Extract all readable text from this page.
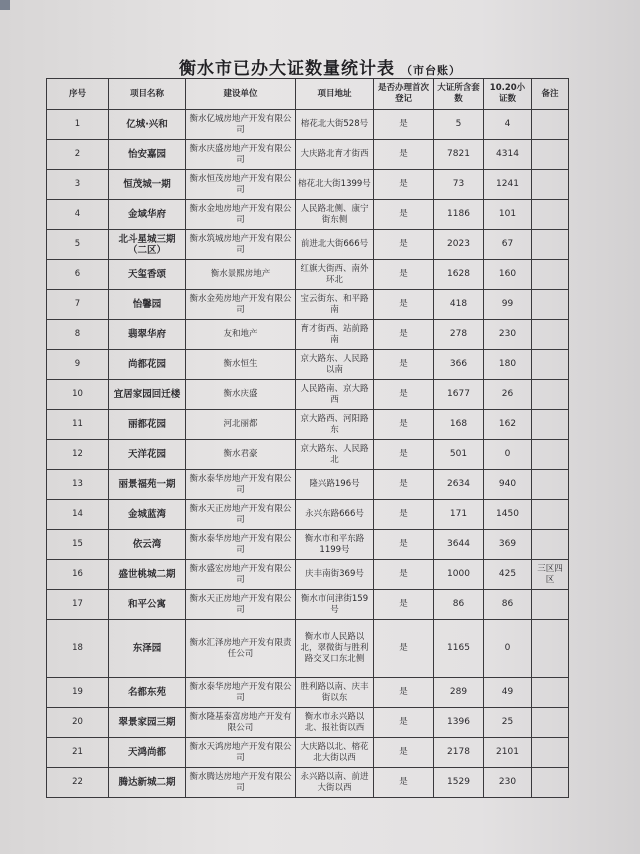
衡水市已办大证数量统计表 （市台账）
序号	项目名称	建设单位	项目地址	是否办理首次登记	大证所含套数	10.20小证数	备注
1	亿城·兴和	衡水亿城房地产开发有限公司	榕花北大街528号	是	5	4	
2	怡安嘉园	衡水庆盛房地产开发有限公司	大庆路北育才街西	是	7821	4314	
3	恒茂城一期	衡水恒茂房地产开发有限公司	榕花北大街1399号	是	73	1241	
4	金域华府	衡水金地房地产开发有限公司	人民路北侧、康宁街东侧	是	1186	101	
5	北斗星城三期（二区）	衡水筑城房地产开发有限公司	前进北大街666号	是	2023	67	
6	天玺香颂	衡水景熙房地产	红旗大街西、南外环北	是	1628	160	
7	怡馨园	衡水金苑房地产开发有限公司	宝云街东、和平路南	是	418	99	
8	翡翠华府	友和地产	育才街西、站前路南	是	278	230	
9	尚都花园	衡水恒生	京大路东、人民路以南	是	366	180	
10	宜居家园回迁楼	衡水庆盛	人民路南、京大路西	是	1677	26	
11	丽都花园	河北丽都	京大路西、河阳路东	是	168	162	
12	天洋花园	衡水君豪	京大路东、人民路北	是	501	0	
13	丽景福苑一期	衡水泰华房地产开发有限公司	隆兴路196号	是	2634	940	
14	金城蓝湾	衡水天正房地产开发有限公司	永兴东路666号	是	171	1450	
15	依云湾	衡水泰华房地产开发有限公司	衡水市和平东路1199号	是	3644	369	
16	盛世桃城二期	衡水盛宏房地产开发有限公司	庆丰南街369号	是	1000	425	三区四区
17	和平公寓	衡水天正房地产开发有限公司	衡水市问津街159号	是	86	86	
18	东泽园	衡水汇泽房地产开发有限责任公司	衡水市人民路以北，翠微街与胜利路交叉口东北侧	是	1165	0	
19	名都东苑	衡水泰华房地产开发有限公司	胜利路以南、庆丰街以东	是	289	49	
20	翠景家园三期	衡水隆基泰富房地产开发有限公司	衡水市永兴路以北、报社街以西	是	1396	25	
21	天鸿尚都	衡水天鸿房地产开发有限公司	大庆路以北、榕花北大街以西	是	2178	2101	
22	腾达新城二期	衡水腾达房地产开发有限公司	永兴路以南、前进大街以西	是	1529	230	
